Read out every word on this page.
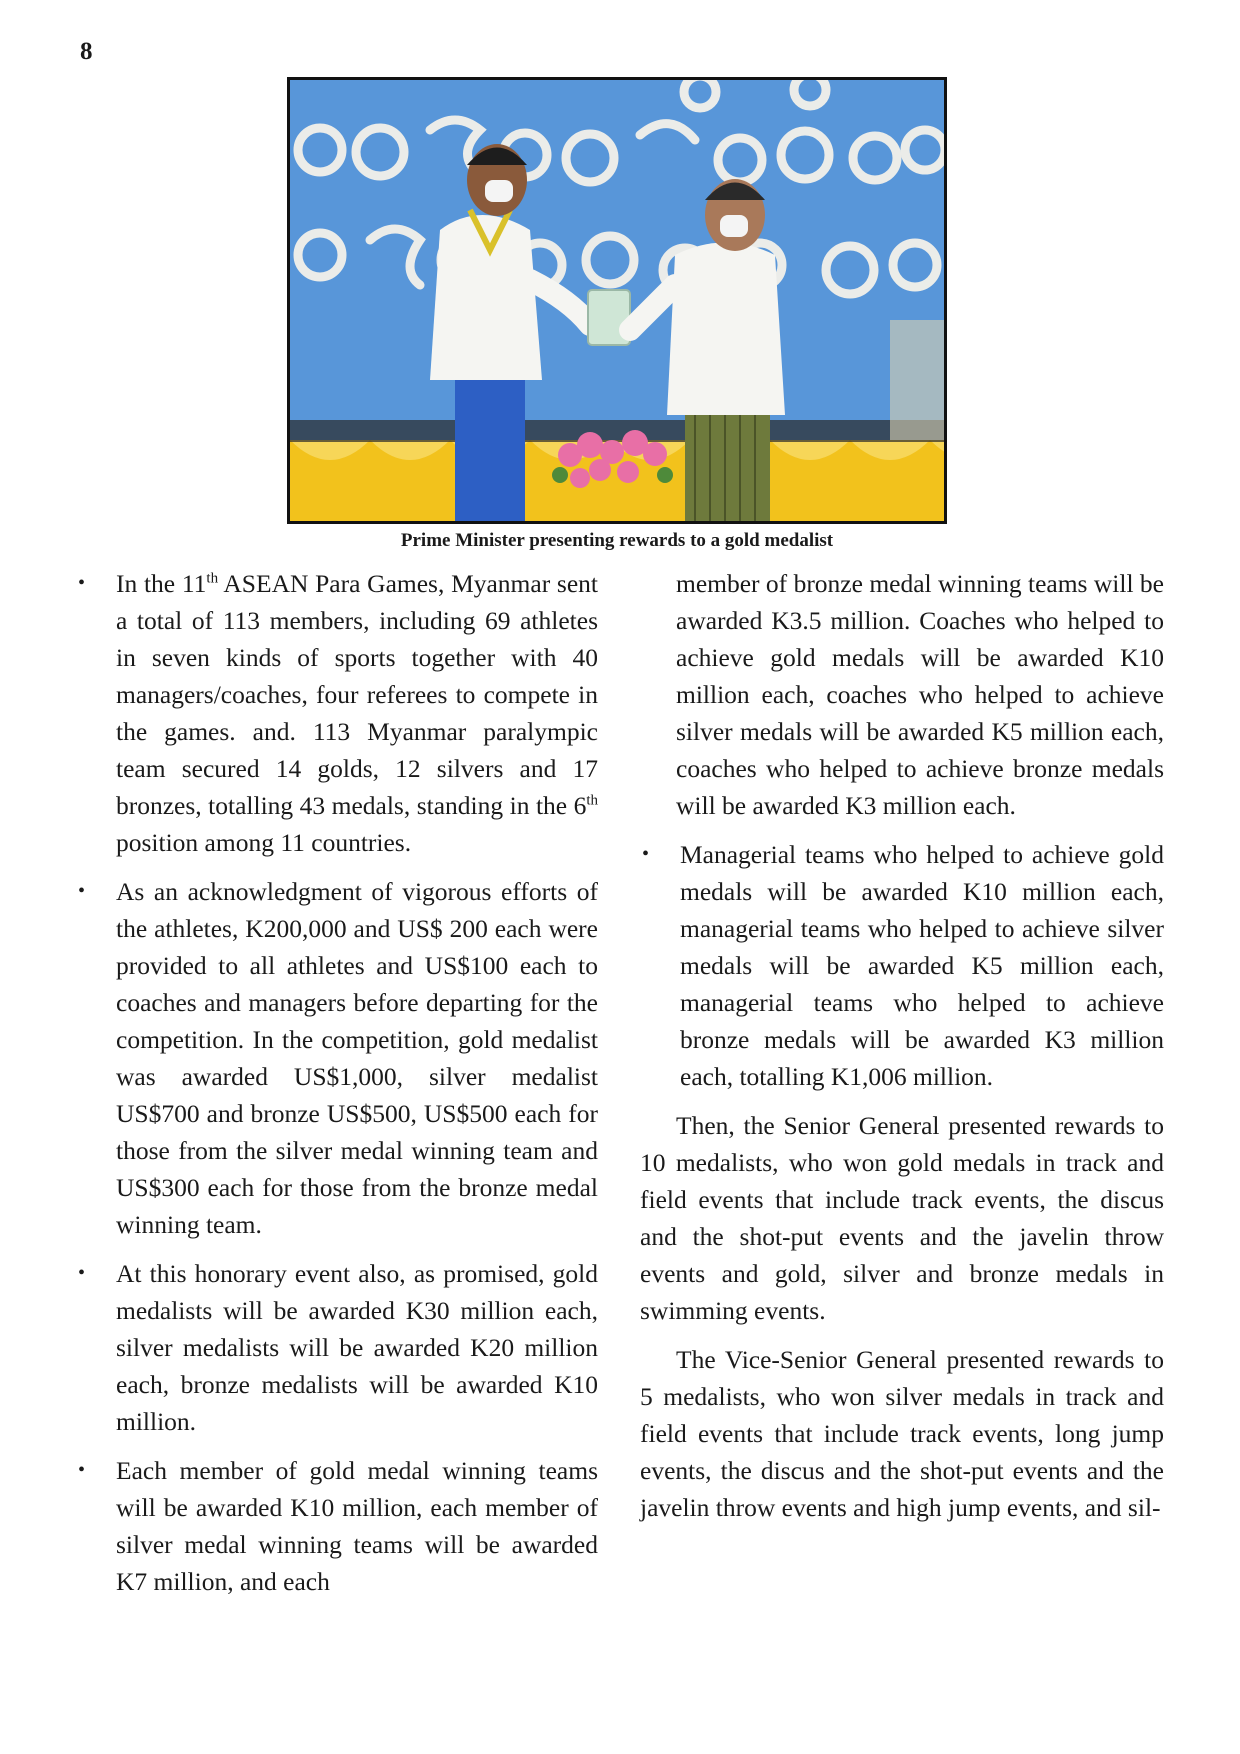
8
Prime Minister presenting rewards to a gold medalist
• In the 11th ASEAN Para Games, Myanmar sent a total of 113 members, including 69 athletes in seven kinds of sports together with 40 managers/coaches, four referees to compete in the games. and. 113 Myanmar paralympic team secured 14 golds, 12 silvers and 17 bronzes, totalling 43 medals, standing in the 6th position among 11 countries.
• As an acknowledgment of vigorous efforts of the athletes, K200,000 and US$ 200 each were provided to all athletes and US$100 each to coaches and managers before departing for the competition. In the competition, gold medalist was awarded US$1,000, silver medalist US$700 and bronze US$500, US$500 each for those from the silver medal winning team and US$300 each for those from the bronze medal winning team.
• At this honorary event also, as promised, gold medalists will be awarded K30 million each, silver medalists will be awarded K20 million each, bronze medalists will be awarded K10 million.
• Each member of gold medal winning teams will be awarded K10 million, each member of silver medal winning teams will be awarded K7 million, and each

member of bronze medal winning teams will be awarded K3.5 million. Coaches who helped to achieve gold medals will be awarded K10 million each, coaches who helped to achieve silver medals will be awarded K5 million each, coaches who helped to achieve bronze medals will be awarded K3 million each.

• Managerial teams who helped to achieve gold medals will be awarded K10 million each, managerial teams who helped to achieve silver medals will be awarded K5 million each, managerial teams who helped to achieve bronze medals will be awarded K3 million each, totalling K1,006 million.

Then, the Senior General presented rewards to 10 medalists, who won gold medals in track and field events that include track events, the discus and the shot-put events and the javelin throw events and gold, silver and bronze medals in swimming events.

The Vice-Senior General presented rewards to 5 medalists, who won silver medals in track and field events that include track events, long jump events, the discus and the shot-put events and the javelin throw events and high jump events, and sil-
